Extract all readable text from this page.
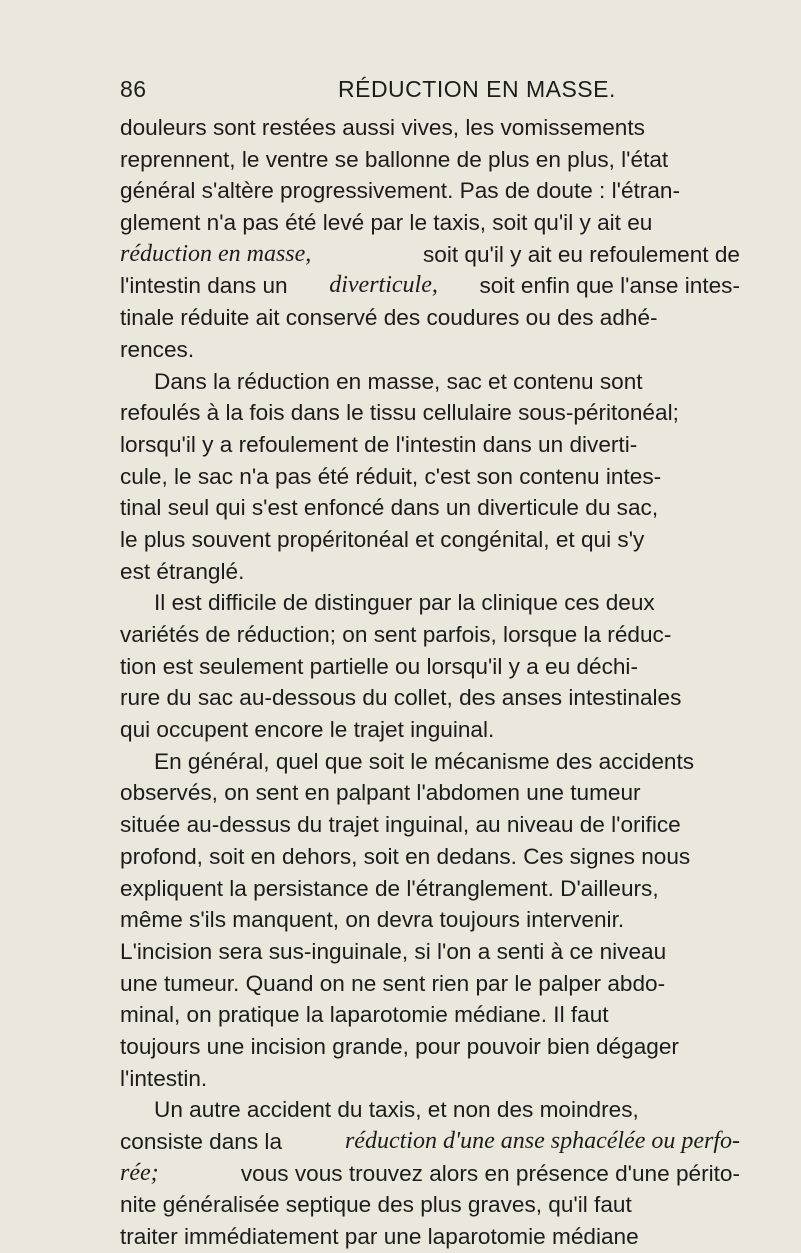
86	RÉDUCTION EN MASSE.
douleurs sont restées aussi vives, les vomissements
reprennent, le ventre se ballonne de plus en plus, l'état
général s'altère progressivement. Pas de doute : l'étran-
glement n'a pas été levé par le taxis, soit qu'il y ait eu
réduction en masse,	soit qu'il y ait eu refoulement de
l'intestin dans un diverticule, soit enfin que l'anse intes-
tinale réduite ait conservé des coudures ou des adhé-
rences.
Dans la réduction en masse, sac et contenu sont
refoulés à la fois dans le tissu cellulaire sous-péritonéal;
lorsqu'il y a refoulement de l'intestin dans un diverti-
cule, le sac n'a pas été réduit, c'est son contenu intes-
tinal seul qui s'est enfoncé dans un diverticule du sac,
le plus souvent propéritonéal et congénital, et qui s'y
est étranglé.
Il est difficile de distinguer par la clinique ces deux
variétés de réduction; on sent parfois, lorsque la réduc-
tion est seulement partielle ou lorsqu'il y a eu déchi-
rure du sac au-dessous du collet, des anses intestinales
qui occupent encore le trajet inguinal.
En général, quel que soit le mécanisme des accidents
observés, on sent en palpant l'abdomen une tumeur
située au-dessus du trajet inguinal, au niveau de l'orifice
profond, soit en dehors, soit en dedans. Ces signes nous
expliquent la persistance de l'étranglement. D'ailleurs,
même s'ils manquent, on devra toujours intervenir.
L'incision sera sus-inguinale, si l'on a senti à ce niveau
une tumeur. Quand on ne sent rien par le palper abdo-
minal, on pratique la laparotomie médiane. Il faut
toujours une incision grande, pour pouvoir bien dégager
l'intestin.
Un autre accident du taxis, et non des moindres,
consiste dans la	réduction d'une anse sphacélée ou perfo-
rée;	vous vous trouvez alors en présence d'une périto-
nite généralisée septique des plus graves, qu'il faut
traiter immédiatement par une laparotomie médiane
